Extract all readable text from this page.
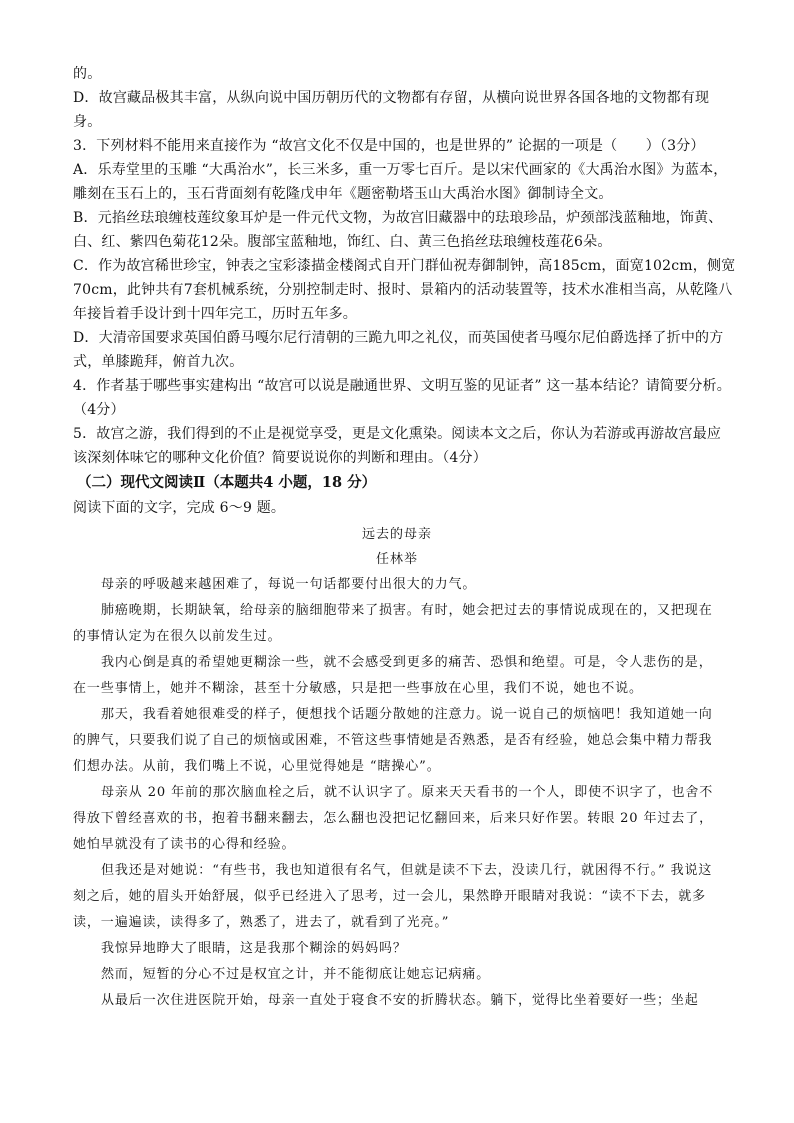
的。
D．故宫藏品极其丰富，从纵向说中国历朝历代的文物都有存留，从横向说世界各国各地的文物都有现
身。
3．下列材料不能用来直接作为 “故宫文化不仅是中国的，也是世界的” 论据的一项是（　　）（3分）
A．乐寿堂里的玉雕 “大禹治水”，长三米多，重一万零七百斤。是以宋代画家的《大禹治水图》为蓝本，
雕刻在玉石上的，玉石背面刻有乾隆戊申年《题密勒塔玉山大禹治水图》御制诗全文。
B．元掐丝珐琅缠枝莲纹象耳炉是一件元代文物，为故宫旧藏器中的珐琅珍品，炉颈部浅蓝釉地，饰黄、
白、红、紫四色菊花12朵。腹部宝蓝釉地，饰红、白、黄三色掐丝珐琅缠枝莲花6朵。
C．作为故宫稀世珍宝，钟表之宝彩漆描金楼阁式自开门群仙祝寿御制钟，高185cm，面宽102cm，侧宽
70cm，此钟共有7套机械系统，分别控制走时、报时、景箱内的活动装置等，技术水准相当高，从乾隆八
年接旨着手设计到十四年完工，历时五年多。
D．大清帝国要求英国伯爵马嘎尔尼行清朝的三跪九叩之礼仪，而英国使者马嘎尔尼伯爵选择了折中的方
式，单膝跪拜，俯首九次。
4．作者基于哪些事实建构出 “故宫可以说是融通世界、文明互鉴的见证者” 这一基本结论？请简要分析。
（4分）
5．故宫之游，我们得到的不止是视觉享受，更是文化熏染。阅读本文之后，你认为若游或再游故宫最应
该深刻体味它的哪种文化价值？简要说说你的判断和理由。（4分）
（二）现代文阅读Ⅱ（本题共4 小题，18 分）
阅读下面的文字，完成 6～9 题。
远去的母亲
任林举
母亲的呼吸越来越困难了，每说一句话都要付出很大的力气。
肺癌晚期，长期缺氧，给母亲的脑细胞带来了损害。有时，她会把过去的事情说成现在的，又把现在的事情认定为在很久以前发生过。
我内心倒是真的希望她更糊涂一些，就不会感受到更多的痛苦、恐惧和绝望。可是，令人悲伤的是，在一些事情上，她并不糊涂，甚至十分敏感，只是把一些事放在心里，我们不说，她也不说。
那天，我看着她很难受的样子，便想找个话题分散她的注意力。说一说自己的烦恼吧！我知道她一向的脾气，只要我们说了自己的烦恼或困难，不管这些事情她是否熟悉，是否有经验，她总会集中精力帮我们想办法。从前，我们嘴上不说，心里觉得她是 “瞎操心”。
母亲从 20 年前的那次脑血栓之后，就不认识字了。原来天天看书的一个人，即使不识字了，也舍不得放下曾经喜欢的书，抱着书翻来翻去，怎么翻也没把记忆翻回来，后来只好作罢。转眼 20 年过去了，她怕早就没有了读书的心得和经验。
但我还是对她说：“有些书，我也知道很有名气，但就是读不下去，没读几行，就困得不行。” 我说这刻之后，她的眉头开始舒展，似乎已经进入了思考，过一会儿，果然睁开眼睛对我说：“读不下去，就多读，一遍遍读，读得多了，熟悉了，进去了，就看到了光亮。”
我惊异地睁大了眼睛，这是我那个糊涂的妈妈吗？
然而，短暂的分心不过是权宜之计，并不能彻底让她忘记病痛。
从最后一次住进医院开始，母亲一直处于寝食不安的折腾状态。躺下，觉得比坐着要好一些；坐起
